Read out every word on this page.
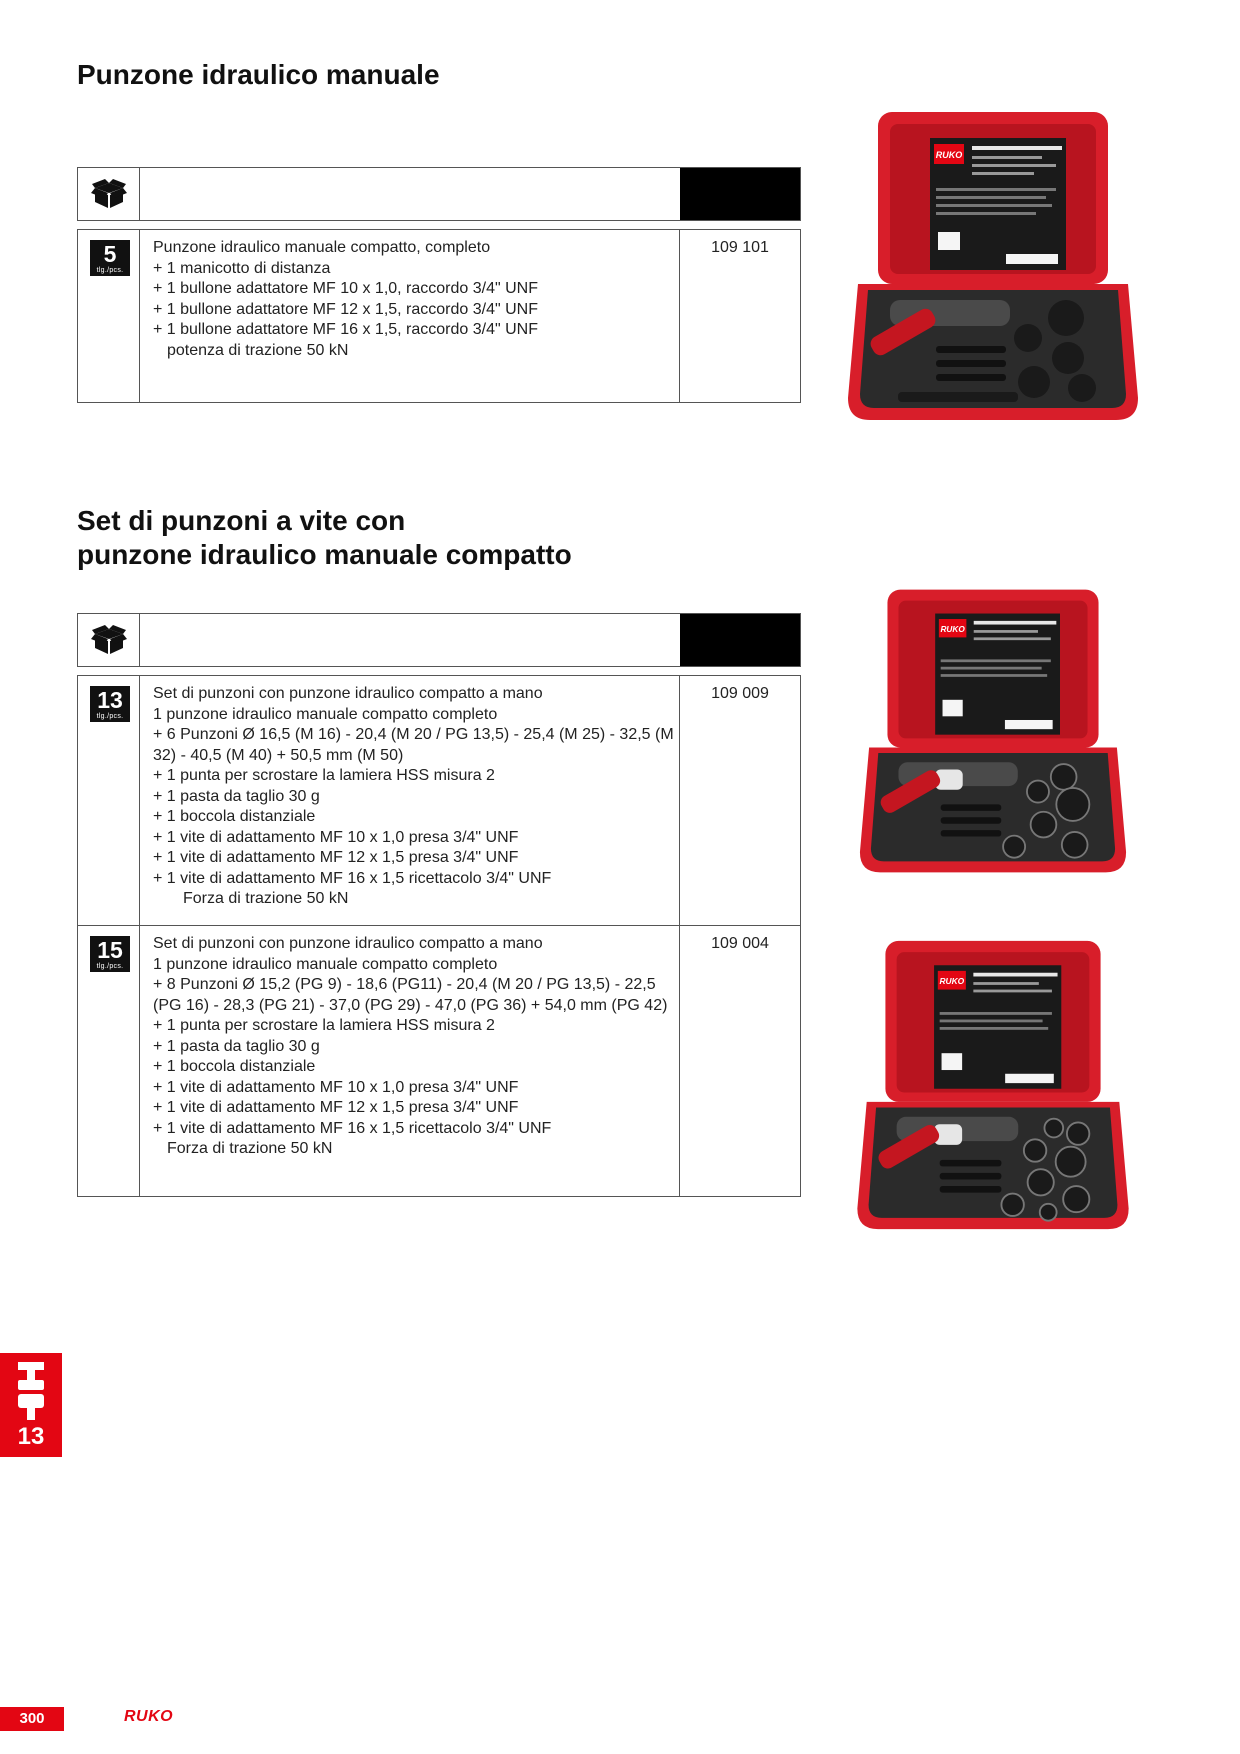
Punzone idraulico manuale
5
tlg./pcs.
Punzone idraulico manuale compatto, completo
+ 1 manicotto di distanza
+ 1 bullone adattatore MF 10 x 1,0, raccordo 3/4" UNF
+ 1 bullone adattatore MF 12 x 1,5, raccordo 3/4" UNF
+ 1 bullone adattatore MF 16 x 1,5, raccordo 3/4" UNF
potenza di trazione 50 kN
109 101
Set di punzoni a vite con
punzone idraulico manuale compatto
13
tlg./pcs.
Set di punzoni con punzone idraulico compatto a mano
1 punzone idraulico manuale compatto completo
+ 6 Punzoni Ø 16,5 (M 16) - 20,4 (M 20 / PG 13,5) - 25,4 (M 25) - 32,5 (M
32) - 40,5 (M 40) + 50,5 mm (M 50)
+ 1 punta per scrostare la lamiera HSS misura 2
+ 1 pasta da taglio 30 g
+ 1 boccola distanziale
+ 1 vite di adattamento MF 10 x 1,0 presa 3/4" UNF
+ 1 vite di adattamento MF 12 x 1,5 presa 3/4" UNF
+ 1 vite di adattamento MF 16 x 1,5 ricettacolo 3/4" UNF
Forza di trazione 50 kN
109 009
15
tlg./pcs.
Set di punzoni con punzone idraulico compatto a mano
1 punzone idraulico manuale compatto completo
+ 8 Punzoni Ø 15,2 (PG 9) - 18,6 (PG11) - 20,4 (M 20 / PG 13,5) - 22,5
(PG 16) - 28,3 (PG 21) - 37,0 (PG 29) - 47,0 (PG 36) + 54,0 mm (PG 42)
+ 1 punta per scrostare la lamiera HSS misura 2
+ 1 pasta da taglio 30 g
+ 1 boccola distanziale
+ 1 vite di adattamento MF 10 x 1,0 presa 3/4" UNF
+ 1 vite di adattamento MF 12 x 1,5 presa 3/4" UNF
+ 1 vite di adattamento MF 16 x 1,5 ricettacolo 3/4" UNF
Forza di trazione 50 kN
109 004
RUKO
RUKO
RUKO
13
300	RUKO
